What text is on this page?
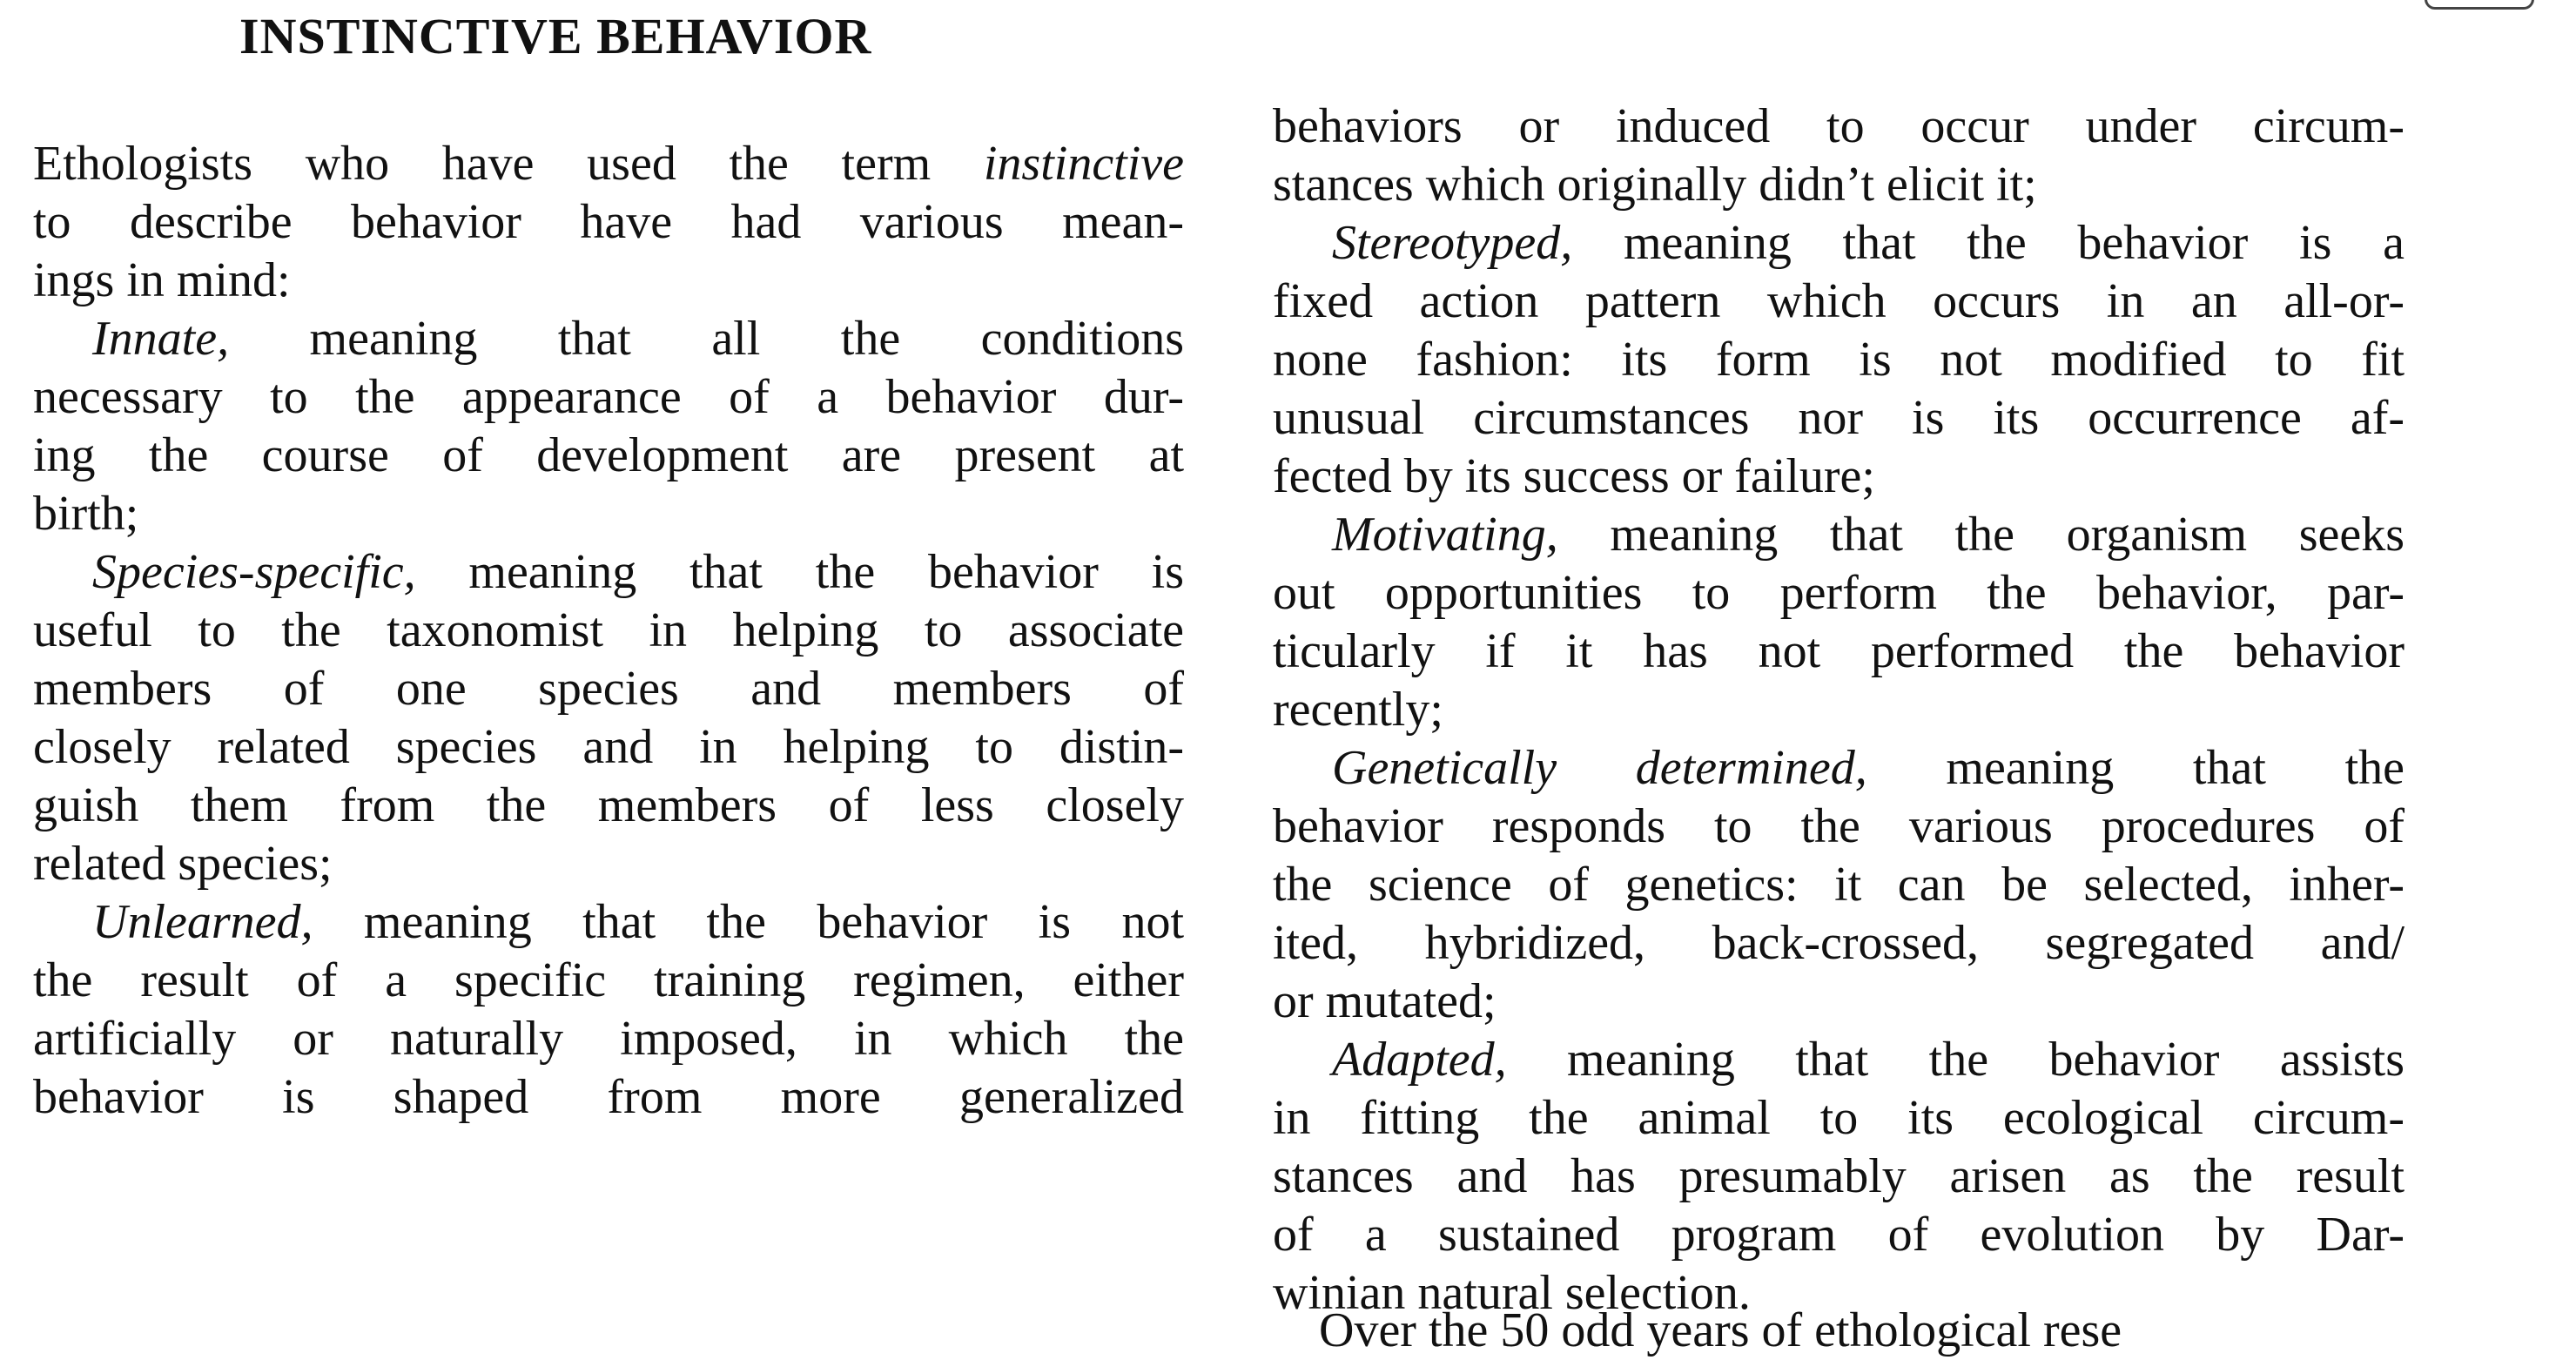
INSTINCTIVE BEHAVIOR
Ethologists who have used the term instinctive
to describe behavior have had various mean-
ings in mind:
Innate, meaning that all the conditions
necessary to the appearance of a behavior dur-
ing the course of development are present at
birth;
Species-specific, meaning that the behavior is
useful to the taxonomist in helping to associate
members of one species and members of
closely related species and in helping to distin-
guish them from the members of less closely
related species;
Unlearned, meaning that the behavior is not
the result of a specific training regimen, either
artificially or naturally imposed, in which the
behavior is shaped from more generalized
behaviors or induced to occur under circum-
stances which originally didn’t elicit it;
Stereotyped, meaning that the behavior is a
fixed action pattern which occurs in an all-or-
none fashion: its form is not modified to fit
unusual circumstances nor is its occurrence af-
fected by its success or failure;
Motivating, meaning that the organism seeks
out opportunities to perform the behavior, par-
ticularly if it has not performed the behavior
recently;
Genetically determined, meaning that the
behavior responds to the various procedures of
the science of genetics: it can be selected, inher-
ited, hybridized, back-crossed, segregated and/
or mutated;
Adapted, meaning that the behavior assists
in fitting the animal to its ecological circum-
stances and has presumably arisen as the result
of a sustained program of evolution by Dar-
winian natural selection.
Over the 50 odd years of ethological rese
